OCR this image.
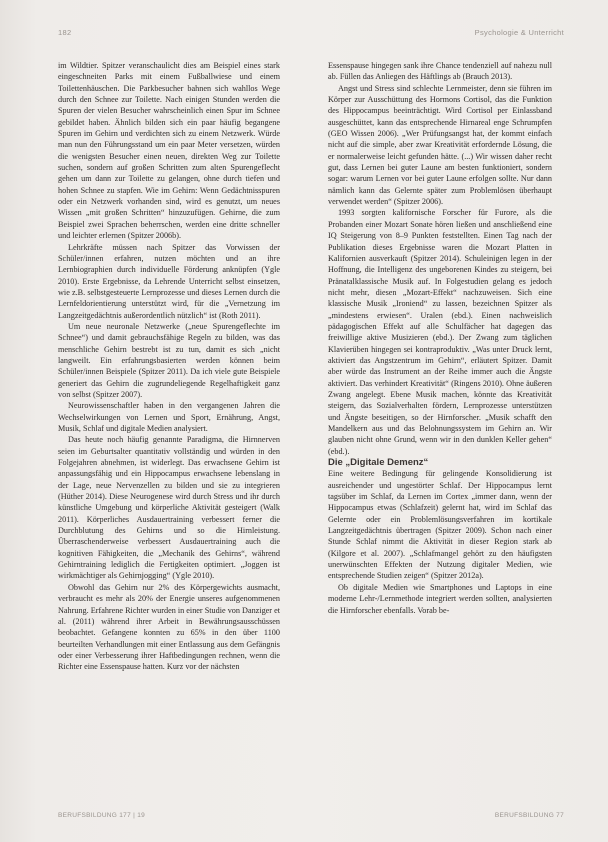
182	Psychologie & Unterricht

im Wildtier. Spitzer veranschaulicht dies am Beispiel eines stark eingeschneiten Parks mit einem Fußballwiese und einem Toilettenhäuschen. Die Parkbesucher bahnen sich wahllos Wege durch den Schnee zur Toilette. Nach einigen Stunden werden die Spuren der vielen Besucher wahrscheinlich einen Spur im Schnee gebildet haben. Ähnlich bilden sich ein paar häufig begangene Spuren im Gehirn und verdichten sich zu einem Netzwerk. Würde man nun den Führungsstand um ein paar Meter versetzen, würden die wenigsten Besucher einen neuen, direkten Weg zur Toilette suchen, sondern auf großen Schritten zum alten Spurengeflecht gehen um dann zur Toilette zu gelangen, ohne durch tiefen und hohen Schnee zu stapfen. Wie im Gehirn: Wenn Gedächtnisspuren oder ein Netzwerk vorhanden sind, wird es genutzt, um neues Wissen „mit großen Schritten“ hinzuzufügen. Gehirne, die zum Beispiel zwei Sprachen beherrschen, werden eine dritte schneller und leichter erlernen (Spitzer 2006b).

Lehrkräfte müssen nach Spitzer das Vorwissen der Schüler/innen erfahren, nutzen möchten und an ihre Lernbiographien durch individuelle Förderung anknüpfen (Ygle 2010). Erste Ergebnisse, da Lehrende Unterricht selbst einsetzen, wie z.B. selbstgesteuerte Lernprozesse und dieses Lernen durch die Lernfeldorientierung unterstützt wird, für die „Vernetzung im Langzeitgedächtnis außerordentlich nützlich“ ist (Roth 2011).

Um neue neuronale Netzwerke („neue Spurengeflechte im Schnee“) und damit gebrauchsfähige Regeln zu bilden, was das menschliche Gehirn bestrebt ist zu tun, damit es sich „nicht langweilt. Ein erfahrungsbasierten werden können beim Schüler/innen Beispiele (Spitzer 2011). Da ich viele gute Beispiele generiert das Gehirn die zugrundeliegende Regelhaftigkeit ganz von selbst (Spitzer 2007).

Neurowissenschaftler haben in den vergangenen Jahren die Wechselwirkungen von Lernen und Sport, Ernährung, Angst, Musik, Schlaf und digitale Medien analysiert.

Das heute noch häufig genannte Paradigma, die Hirnnerven seien im Geburtsalter quantitativ vollständig und würden in den Folgejahren abnehmen, ist widerlegt. Das erwachsene Gehirn ist anpassungsfähig und ein Hippocampus erwachsene lebenslang in der Lage, neue Nervenzellen zu bilden und sie zu integrieren (Hüther 2014). Diese Neurogenese wird durch Stress und ihr durch künstliche Umgebung und körperliche Aktivität gesteigert (Walk 2011). Körperliches Ausdauertraining verbessert ferner die Durchblutung des Gehirns und so die Hirnleistung. Überraschenderweise verbessert Ausdauertraining auch die kognitiven Fähigkeiten, die „Mechanik des Gehirns“, während Gehirntraining lediglich die Fertigkeiten optimiert. „Joggen ist wirkmächtiger als Gehirnjogging“ (Ygle 2010).

Obwohl das Gehirn nur 2% des Körpergewichts ausmacht, verbraucht es mehr als 20% der Energie unseres aufgenommenen Nahrung. Erfahrene Richter wurden in einer Studie von Danziger et al. (2011) während ihrer Arbeit in Bewährungsausschüssen beobachtet. Gefangene konnten zu 65% in den über 1100 beurteilten Verhandlungen mit einer Entlassung aus dem Gefängnis oder einer Verbesserung ihrer Haftbedingungen rechnen, wenn die Richter eine Essenspause hatten. Kurz vor der nächsten

Essenspause hingegen sank ihre Chance tendenziell auf nahezu null ab. Füllen das Anliegen des Häftlings ab (Brauch 2013).

Angst und Stress sind schlechte Lernmeister, denn sie führen im Körper zur Ausschüttung des Hormons Cortisol, das die Funktion des Hippocampus beeinträchtigt. Wird Cortisol per Einlassband ausgeschüttet, kann das entsprechende Hirnareal enge Schrumpfen (GEO Wissen 2006). „Wer Prüfungsangst hat, der kommt einfach nicht auf die simple, aber zwar Kreativität erfordernde Lösung, die er normalerweise leicht gefunden hätte. (...) Wir wissen daher recht gut, dass Lernen bei guter Laune am besten funktioniert, sondern sogar: warum Lernen vor bei guter Laune erfolgen sollte. Nur dann nämlich kann das Gelernte später zum Problemlösen überhaupt verwendet werden“ (Spitzer 2006).

1993 sorgten kalifornische Forscher für Furore, als die Probanden einer Mozart Sonate hören ließen und anschließend eine IQ Steigerung von 8–9 Punkten feststellten. Einen Tag nach der Publikation dieses Ergebnisse waren die Mozart Platten in Kalifornien ausverkauft (Spitzer 2014). Schuleinigen legen in der Hoffnung, die Intelligenz des ungeborenen Kindes zu steigern, bei Pränatalklassische Musik auf. In Folgestudien gelang es jedoch nicht mehr, diesen „Mozart-Effekt“ nachzuweisen. Sich eine klassische Musik „Ironiend“ zu lassen, bezeichnen Spitzer als „mindestens erwiesen“. Uralen (ebd.). Einen nachweislich pädagogischen Effekt auf alle Schulfächer hat dagegen das freiwillige aktive Musizieren (ebd.). Der Zwang zum täglichen Klavierüben hingegen sei kontraproduktiv. „Was unter Druck lernt, aktiviert das Angstzentrum im Gehirn“, erläutert Spitzer. Damit aber würde das Instrument an der Reihe immer auch die Ängste aktiviert. Das verhindert Kreativität“ (Ringens 2010). Ohne äußeren Zwang angelegt. Ebene Musik machen, könnte das Kreativität steigern, das Sozialverhalten fördern, Lernprozesse unterstützen und Ängste beseitigen, so der Hirnforscher. „Musik schafft den Mandelkern aus und das Belohnungssystem im Gehirn an. Wir glauben nicht ohne Grund, wenn wir in den dunklen Keller gehen“ (ebd.).

Die „Digitale Demenz“

Eine weitere Bedingung für gelingende Konsolidierung ist ausreichender und ungestörter Schlaf. Der Hippocampus lernt tagsüber im Schlaf, da Lernen im Cortex „immer dann, wenn der Hippocampus etwas (Schlafzeit) gelernt hat, wird im Schlaf das Gelernte oder ein Problemlösungsverfahren im kortikale Langzeitgedächtnis übertragen (Spitzer 2009). Schon nach einer Stunde Schlaf nimmt die Aktivität in dieser Region stark ab (Kilgore et al. 2007). „Schlafmangel gehört zu den häufigsten unerwünschten Effekten der Nutzung digitaler Medien, wie entsprechende Studien zeigen“ (Spitzer 2012a).

Ob digitale Medien wie Smartphones und Laptops in eine moderne Lehr-/Lernmethode integriert werden sollten, analysierten die Hirnforscher ebenfalls. Vorab be-

BERUFSBILDUNG 177 | 19	BERUFSBILDUNG 77
